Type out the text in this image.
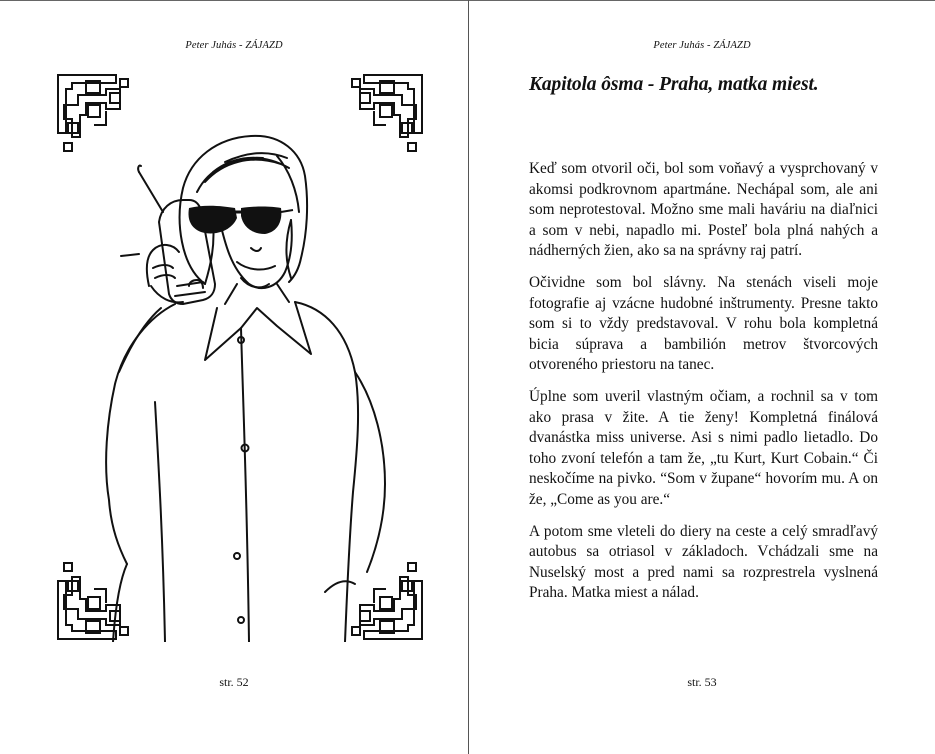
Peter Juhás - ZÁJAZD
str. 52
Peter Juhás - ZÁJAZD
Kapitola ôsma - Praha, matka miest.

Keď som otvoril oči, bol som voňavý a vysprchovaný v akomsi podkrovnom apartmáne. Nechápal som, ale ani som neprotestoval. Možno sme mali haváriu na diaľnici a som v nebi, napadlo mi. Posteľ bola plná nahých a nádherných žien, ako sa na správny raj patrí.

Očividne som bol slávny. Na stenách viseli moje fotografie aj vzácne hudobné inštrumenty. Presne takto som si to vždy predstavoval. V rohu bola kompletná bicia súprava a bambilión metrov štvorcových otvoreného priestoru na tanec.

Úplne som uveril vlastným očiam, a rochnil sa v tom ako prasa v žite. A tie ženy! Kompletná finálová dvanástka miss universe. Asi s nimi padlo lietadlo. Do toho zvoní telefón a tam že, „tu Kurt, Kurt Cobain.“ Či neskočíme na pivko. “Som v župane“ hovorím mu. A on že, „Come as you are.“

A potom sme vleteli do diery na ceste a celý smradľavý autobus sa otriasol v základoch. Vchádzali sme na Nuselský most a pred nami sa rozprestrela vyslnená Praha. Matka miest a nálad.

str. 53
